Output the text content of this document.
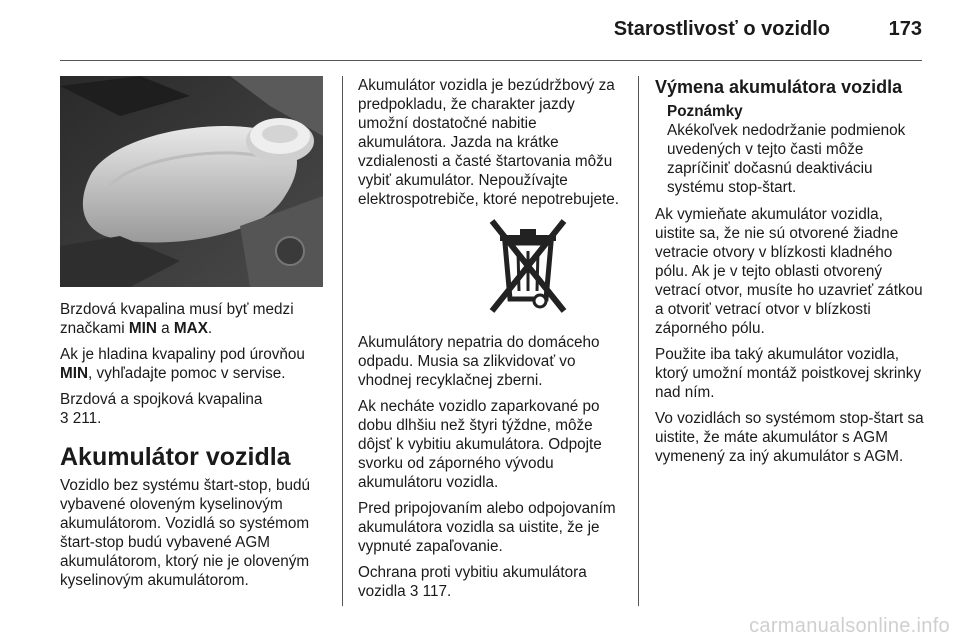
Starostlivosť o vozidlo	173

Brzdová kvapalina musí byť medzi značkami MIN a MAX.

Ak je hladina kvapaliny pod úrovňou MIN, vyhľadajte pomoc v servise.

Brzdová a spojková kvapalina
3 211.

Akumulátor vozidla

Vozidlo bez systému štart-stop, budú vybavené oloveným kyselinovým akumulátorom. Vozidlá so systémom štart-stop budú vybavené AGM akumulátorom, ktorý nie je oloveným kyselinovým akumulátorom.

Akumulátor vozidla je bezúdržbový za predpokladu, že charakter jazdy umožní dostatočné nabitie akumulátora. Jazda na krátke vzdialenosti a časté štartovania môžu vybiť akumulátor. Nepoužívajte elektrospotrebiče, ktoré nepotrebujete.

Akumulátory nepatria do domáceho odpadu. Musia sa zlikvidovať vo vhodnej recyklačnej zberni.

Ak necháte vozidlo zaparkované po dobu dlhšiu než štyri týždne, môže dôjsť k vybitiu akumulátora. Odpojte svorku od záporného vývodu akumulátoru vozidla.

Pred pripojovaním alebo odpojovaním akumulátora vozidla sa uistite, že je vypnuté zapaľovanie.

Ochrana proti vybitiu akumulátora vozidla 3 117.

Výmena akumulátora vozidla
Poznámky
Akékoľvek nedodržanie podmienok uvedených v tejto časti môže zapríčiniť dočasnú deaktiváciu systému stop-štart.

Ak vymieňate akumulátor vozidla, uistite sa, že nie sú otvorené žiadne vetracie otvory v blízkosti kladného pólu. Ak je v tejto oblasti otvorený vetrací otvor, musíte ho uzavrieť zátkou a otvoriť vetrací otvor v blízkosti záporného pólu.

Použite iba taký akumulátor vozidla, ktorý umožní montáž poistkovej skrinky nad ním.

Vo vozidlách so systémom stop-štart sa uistite, že máte akumulátor s AGM vymenený za iný akumulátor s AGM.

carmanualsonline.info
